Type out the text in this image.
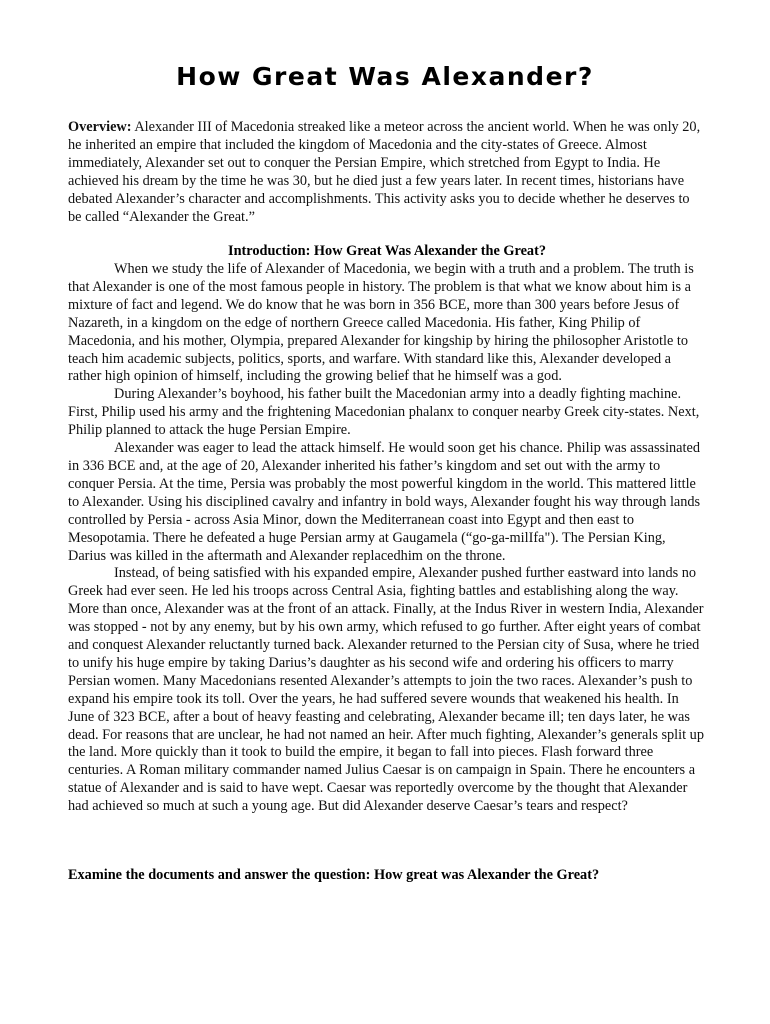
How Great Was Alexander?

Overview: Alexander III of Macedonia streaked like a meteor across the ancient world. When he was only 20, he inherited an empire that included the kingdom of Macedonia and the city-states of Greece. Almost immediately, Alexander set out to conquer the Persian Empire, which stretched from Egypt to India. He achieved his dream by the time he was 30, but he died just a few years later. In recent times, historians have debated Alexander’s character and accomplishments. This activity asks you to decide whether he deserves to be called “Alexander the Great.”

Introduction: How Great Was Alexander the Great?

When we study the life of Alexander of Macedonia, we begin with a truth and a problem. The truth is that Alexander is one of the most famous people in history. The problem is that what we know about him is a mixture of fact and legend. We do know that he was born in 356 BCE, more than 300 years before Jesus of Nazareth, in a kingdom on the edge of northern Greece called Macedonia. His father, King Philip of Macedonia, and his mother, Olympia, prepared Alexander for kingship by hiring the philosopher Aristotle to teach him academic subjects, politics, sports, and warfare. With standard like this, Alexander developed a rather high opinion of himself, including the growing belief that he himself was a god.

During Alexander’s boyhood, his father built the Macedonian army into a deadly fighting machine. First, Philip used his army and the frightening Macedonian phalanx to conquer nearby Greek city-states. Next, Philip planned to attack the huge Persian Empire.

Alexander was eager to lead the attack himself. He would soon get his chance. Philip was assassinated in 336 BCE and, at the age of 20, Alexander inherited his father’s kingdom and set out with the army to conquer Persia. At the time, Persia was probably the most powerful kingdom in the world. This mattered little to Alexander. Using his disciplined cavalry and infantry in bold ways, Alexander fought his way through lands controlled by Persia - across Asia Minor, down the Mediterranean coast into Egypt and then east to Mesopotamia. There he defeated a huge Persian army at Gaugamela (“go-ga-milIfa"). The Persian King, Darius was killed in the aftermath and Alexander replacedhim on the throne.

Instead, of being satisfied with his expanded empire, Alexander pushed further eastward into lands no Greek had ever seen. He led his troops across Central Asia, fighting battles and establishing along the way. More than once, Alexander was at the front of an attack. Finally, at the Indus River in western India, Alexander was stopped - not by any enemy, but by his own army, which refused to go further. After eight years of combat and conquest Alexander reluctantly turned back. Alexander returned to the Persian city of Susa, where he tried to unify his huge empire by taking Darius’s daughter as his second wife and ordering his officers to marry Persian women. Many Macedonians resented Alexander’s attempts to join the two races. Alexander’s push to expand his empire took its toll. Over the years, he had suffered severe wounds that weakened his health. In June of 323 BCE, after a bout of heavy feasting and celebrating, Alexander became ill; ten days later, he was dead. For reasons that are unclear, he had not named an heir. After much fighting, Alexander’s generals split up the land. More quickly than it took to build the empire, it began to fall into pieces. Flash forward three centuries. A Roman military commander named Julius Caesar is on campaign in Spain. There he encounters a statue of Alexander and is said to have wept. Caesar was reportedly overcome by the thought that Alexander had achieved so much at such a young age. But did Alexander deserve Caesar’s tears and respect?

Examine the documents and answer the question: How great was Alexander the Great?
